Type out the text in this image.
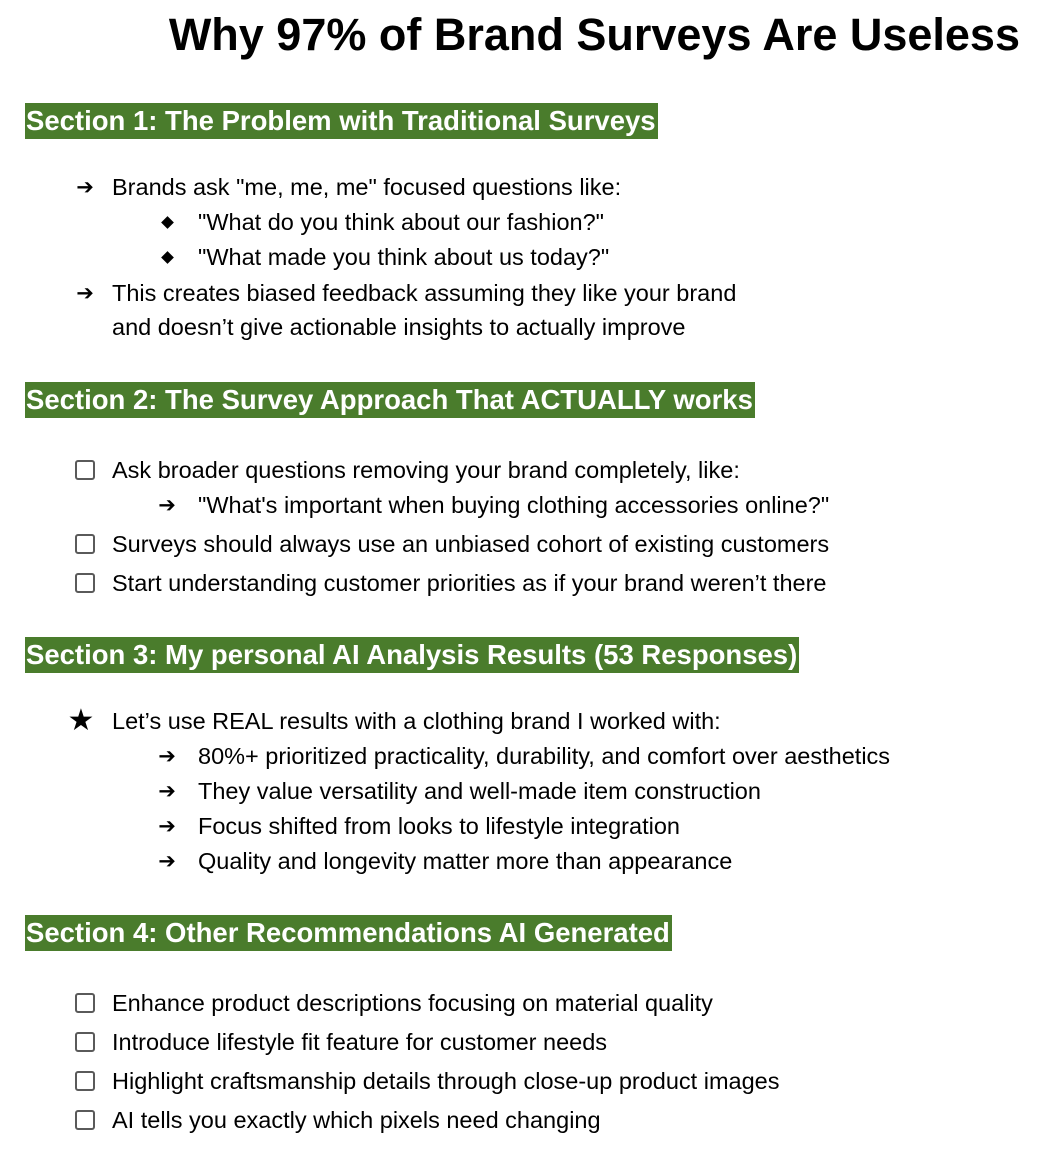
Why 97% of Brand Surveys Are Useless
Section 1: The Problem with Traditional Surveys
➔ Brands ask "me, me, me" focused questions like:
"What do you think about our fashion?"
"What made you think about us today?"
➔ This creates biased feedback assuming they like your brand
and doesn’t give actionable insights to actually improve
Section 2: The Survey Approach That ACTUALLY works
Ask broader questions removing your brand completely, like:
➔ "What's important when buying clothing accessories online?"
Surveys should always use an unbiased cohort of existing customers
Start understanding customer priorities as if your brand weren’t there
Section 3: My personal AI Analysis Results (53 Responses)
★ Let’s use REAL results with a clothing brand I worked with:
➔ 80%+ prioritized practicality, durability, and comfort over aesthetics
➔ They value versatility and well-made item construction
➔ Focus shifted from looks to lifestyle integration
➔ Quality and longevity matter more than appearance
Section 4: Other Recommendations AI Generated
Enhance product descriptions focusing on material quality
Introduce lifestyle fit feature for customer needs
Highlight craftsmanship details through close-up product images
AI tells you exactly which pixels need changing
